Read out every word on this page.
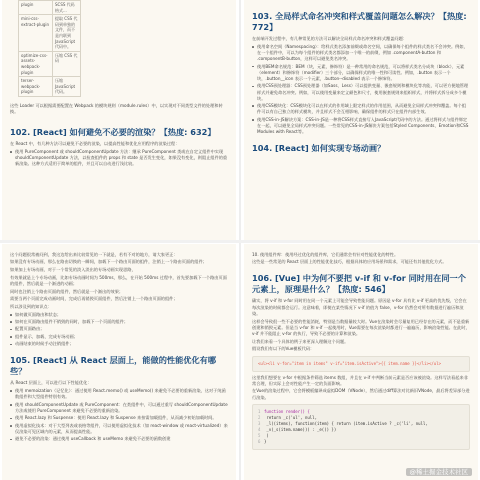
plugin	SCSS 代码格式...
mini-css-extract-plugin	提取 CSS 代码到单独的文件，而不是内联到 JavaScript 代码中。
optimize-css-assets-webpack-plugin	压缩 CSS 代码
terser-webpack-plugin	压缩 JavaScript 代码。

这些 Loader 可以根据需要配置在 Webpack 的模块规则（module.rules）中，以实现对不同类型文件的处理和转换。

102. [React] 如何避免不必要的渲染？【热度: 632】

在 React 中，有几种方法可以避免不必要的渲染，以提高性能和优化应用程序的渲染过程：

使用 PureComponent 或 shouldComponentUpdate 方法：继承 PureComponent 类或在自定义组件中实现 shouldComponentUpdate 方法，以检查组件的 props 和 state 是否发生变化，如果没有变化，则阻止组件的重新渲染。这种方式适用于简单的组件，并且可以自动进行浅比较。
103. 全局样式命名冲突和样式覆盖问题怎么解决？【热度: 772】

在前端开发过程中，有几种常见的方法可以解决全局样式命名冲突和样式覆盖问题：

使用命名空间（Namespacing）：给样式类名添加前缀或命名空间，以确保每个组件的样式类名不会冲突。例如，在一个组件中，可以为每个组件的样式类名都添加一个唯一的前缀，例如 .componentA-button 和 .componentB-button，这样可以避免类名冲突。
使用BEM命名规范：BEM（块，元素，修饰符）是一种常用的命名规范，可以将样式类名分成块（block）、元素（element）和修饰符（modifier）三个部分，以确保样式的唯一性和可读性。例如，.button 表示一个块，.button__icon 表示一个元素，.button--disabled 表示一个修饰符。
使用CSS预处理器：CSS预处理器（如Sass、Less）可以提供变量、嵌套规则和模块化等功能，可以更方便地管理样式并避免命名冲突。例如，可以使用变量来定义颜色和尺寸，使用嵌套规则来组织样式，并将样式拆分成多个模块。
使用CSS模块化：CSS模块化可以在样式的作用域上限定样式的作用范围，从而避免全局样式冲突和覆盖。每个组件可以有自己独立的样式模块，并且样式不会互相影响，确保组件的样式只在组件内部生效。
使用CSS-in-JS解决方案：CSS-in-JS是一种将CSS样式直接写入JavaScript代码中的方法。通过将样式与组件绑定在一起，可以避免全局样式冲突问题。一些常见的CSS-in-JS解决方案包括Styled Components、Emotion和CSS Modules with React等。
104. [React] 如何实现专场动画？

这个问题很常被问到，我这边给出来比较常见的一下就是，若有不对的地方，请大家更正：

如果没有专场动画，那么在路由切换的一瞬间，加载下一个路由页面的组件，注销上一个路由页面的组件；

如果加上专场动画，对于一个常见的淡入淡出的专场动画实现思路，

有效果就是上个专场动画，比如专场动画时间为 500ms，那么，在开始 500ms 过程中，首先要加载下一个路由页面的组件，然后就是一个渐进的动画；

同时也注销上个路由页面的组件，然后就是一个渐出的效果；

需要当两个页面完成动画时间，完成后再销毁页面组件，然后注销上一个路由页面的组件；

所以涉及到的知识点：

如何做页面路由和状态；
如何在页面路由组件不销毁的同时，加载下一个页面的组件；
配置页面路由；
组件显示、加载、完成专场动画；
动画结束的时候手动注销组件；
105. [React] 从 React 层面上，能做的性能优化有哪些？

从 React 层面上，可以进行以下性能优化：

使用 memoization（记忆化）：通过使用 React.memo() 或 useMemo() 来避免不必要的重新渲染，这对于纯函数组件和大型组件特别有效。
使用 shouldComponentUpdate 或 PureComponent：在类组件中，可以通过重写 shouldComponentUpdate 方法或使用 PureComponent 来避免不必要的重新渲染。
使用 React.lazy 和 Suspense：使用 React.lazy 和 Suspense 来按需加载组件，从而减少初始加载时间。
使用虚拟化技术：对于大型列表或表格等组件，可以使用虚拟化技术（如 react-window 或 react-virtualized）来仅渲染可见区域内的元素，从而提高性能。
避免不必要的渲染：通过使用 useCallback 和 useMemo 来避免不必要的函数创建

10. 使用组件库：使用经过优化的组件库，它们通常会有针对性能优化的特性。

这些是一些常见的 React 层面上的性能优化技巧，根据具体的应用场景和需求，可能还有其他优化方式。

106. [Vue] 中为何不要把 v-if 和 v-for 同时用在同一个元素上，原理是什么？【热度: 546】

确实，将 v-if 和 v-for 同时用在同一个元素上可能会导致性能问题。原因是 v-for 具有比 v-if 更高的优先级，它会在每次渲染的时候都会运行。这意味着，即使在某些情况下 v-if 的值为 false，v-for 仍然会对所有数据进行遍历和渲染。

这样会导致很一些不必要的性能消耗，特别是当数据量较大时。Vue在渲染时会尽量复用已经存在的元素，而不是重新创建和销毁元素。但是当 v-for 和 v-if 一起使用时，Vue需要在每次渲染时都进行一遍遍历，影响渲染性能。在此时，v-if 并不能阻止 v-for 的执行，导致不必要的计算和渲染。

让我们来看一个具体的例子来更深入理解这个问题。

假设我们有以下的Vue模板代码：

<ul><li v-for="item in items" v-if="item.isActive">{{ item.name }}</li></ul>

这里我们想要在 v-for 中根据条件筛选 items 数组，并且在 v-if 中判断当前元素是否应该被渲染。这样写法看起来非常合理，但实际上会对性能产生一定的负面影响。

在Vue的渲染过程中，它会将模板编译成虚拟DOM（VNode），然后通过diff算法对比新旧VNode，最后将差异部分进行渲染。

1 function render() {
2 return _c('ul', null,
3 _l((items), function(item) { return (item.isActive ? _c('li', null,
4 _v(_s(item.name))) : _e()) })
5 )
6 }
@稀土掘金技术社区
